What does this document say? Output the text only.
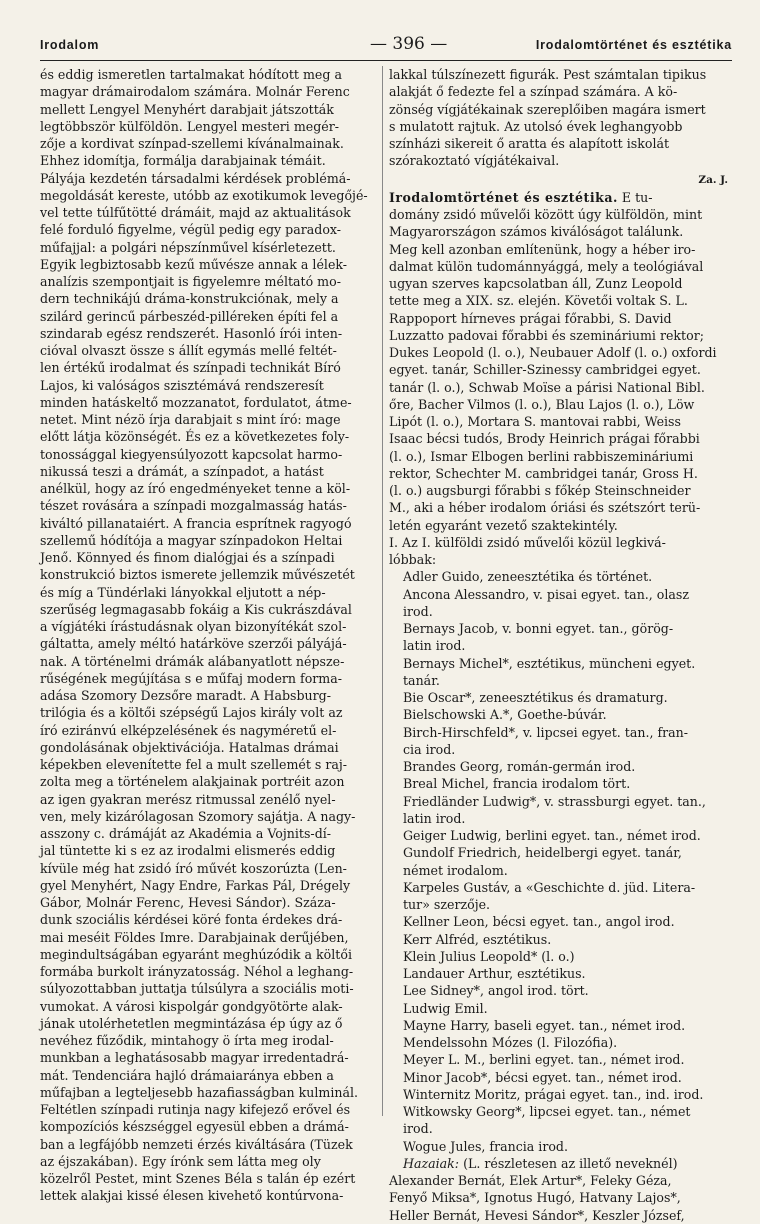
Irodalom	— 396 —	Irodalomtörténet és esztétika

és eddig ismeretlen tartalmakat hódított meg a
magyar drámairodalom számára. Molnár Ferenc
mellett Lengyel Menyhért darabjait játszották
legtöbbször külföldön. Lengyel mesteri megér-
zője a kordivat színpad-szellemi kívánalmainak.
Ehhez idomítja, formálja darabjainak témáit.
Pályája kezdetén társadalmi kérdések problémá-
megoldását kereste, utóbb az exotikumok levegőjé-
vel tette túlfűtötté drámáit, majd az aktualitások
felé forduló figyelme, végül pedig egy paradox-
műfajjal: a polgári népszínművel kísérletezett.
Egyik legbiztosabb kezű művésze annak a lélek-
analízis szempontjait is figyelemre méltató mo-
dern technikájú dráma-konstrukciónak, mely a
szilárd gerincű párbeszéd-pilléreken építi fel a
szindarab egész rendszerét. Hasonló írói inten-
cióval olvaszt össze s állít egymás mellé feltét-
len értékű irodalmat és színpadi technikát Bíró
Lajos, ki valóságos szisztémává rendszeresít
minden hatáskeltő mozzanatot, fordulatot, átme-
netet. Mint nézö írja darabjait s mint író: mage
előtt látja közönségét. És ez a következetes foly-
tonossággal kiegyensúlyozott kapcsolat harmo-
nikussá teszi a drámát, a színpadot, a hatást
anélkül, hogy az író engedményeket tenne a köl-
tészet rovására a színpadi mozgalmasság hatás-
kiváltó pillanataiért. A francia esprítnek ragyogó
szellemű hódítója a magyar színpadokon Heltai
Jenő. Könnyed és finom dialógjai és a színpadi
konstrukció biztos ismerete jellemzik művészetét
és míg a Tündérlaki lányokkal eljutott a nép-
szerűség legmagasabb fokáig a Kis cukrászdával
a vígjátéki írástudásnak olyan bizonyítékát szol-
gáltatta, amely méltó határköve szerzői pályájá-
nak. A történelmi drámák alábanyatlott népsze-
rűségének megújítása s e műfaj modern forma-
adása Szomory Dezsőre maradt. A Habsburg-
trilógia és a költői szépségű Lajos király volt az
író eziránvú elképzelésének és nagyméretű el-
gondolásának objektivációja. Hatalmas drámai
képekben elevenítette fel a mult szellemét s raj-
zolta meg a történelem alakjainak portréit azon
az igen gyakran merész ritmussal zenélő nyel-
ven, mely kizárólagosan Szomory sajátja. A nagy-
asszony c. drámáját az Akadémia a Vojnits-dí-
jal tüntette ki s ez az irodalmi elismerés eddig
kívüle még hat zsidó író művét koszorúzta (Len-
gyel Menyhért, Nagy Endre, Farkas Pál, Drégely
Gábor, Molnár Ferenc, Hevesi Sándor). Száza-
dunk szociális kérdései köré fonta érdekes drá-
mai meséit Földes Imre. Darabjainak derűjében,
megindultságában egyaránt meghúzódik a költői
formába burkolt irányzatosság. Néhol a leghang-
súlyozottabban juttatja túlsúlyra a szociális moti-
vumokat. A városi kispolgár gondgyötörte alak-
jának utolérhetetlen megmintázása ép úgy az ő
nevéhez fűződik, mintahogy ö írta meg irodal-
munkban a leghatásosabb magyar irredentadrá-
mát. Tendenciára hajló drámaiaránya ebben a
műfajban a legteljesebb hazafiasságban kulminál.
Feltétlen színpadi rutinja nagy kifejező erővel és
kompozíciós készséggel egyesül ebben a drámá-
ban a legfájóbb nemzeti érzés kiváltására (Tüzek
az éjszakában). Egy írónk sem látta meg oly
közelről Pestet, mint Szenes Béla s talán ép ezért
lettek alakjai kissé élesen kivehető kontúrvona-

lakkal túlszínezett figurák. Pest számtalan tipikus
alakját ő fedezte fel a színpad számára. A kö-
zönség vígjátékainak szereplőiben magára ismert
s mulatott rajtuk. Az utolsó évek leghangyobb
színházi sikereit ő aratta és alapított iskolát
szórakoztató vígjátékaival.

Za. J.

Irodalomtörténet és esztétika. E tu-
domány zsidó művelői között úgy külföldön, mint
Magyarországon számos kiválóságot találunk.
Meg kell azonban említenünk, hogy a héber iro-
dalmat külön tudománnyággá, mely a teológiával
ugyan szerves kapcsolatban áll, Zunz Leopold
tette meg a XIX. sz. elején. Követői voltak S. L.
Rappoport hírneves prágai főrabbi, S. David
Luzzatto padovai főrabbi és szemináriumi rektor;
Dukes Leopold (l. o.), Neubauer Adolf (l. o.) oxfordi
egyet. tanár, Schiller-Szinessy cambridgei egyet.
tanár (l. o.), Schwab Moïse a párisi National Bibl.
őre, Bacher Vilmos (l. o.), Blau Lajos (l. o.), Löw
Lipót (l. o.), Mortara S. mantovai rabbi, Weiss
Isaac bécsi tudós, Brody Heinrich prágai főrabbi
(l. o.), Ismar Elbogen berlini rabbiszemináriumi
rektor, Schechter M. cambridgei tanár, Gross H.
(l. o.) augsburgi főrabbi s főkép Steinschneider
M., aki a héber irodalom óriási és szétszórt terü-
letén egyaránt vezető szaktekintély.
I. Az I. külföldi zsidó művelői közül legkivá-
lóbbak:

Adler Guido, zeneesztétika és történet.
Ancona Alessandro, v. pisai egyet. tan., olasz
irod.
Bernays Jacob, v. bonni egyet. tan., görög-
latin irod.
Bernays Michel*, esztétikus, müncheni egyet.
tanár.
Bie Oscar*, zeneesztétikus és dramaturg.
Bielschowski A.*, Goethe-búvár.
Birch-Hirschfeld*, v. lipcsei egyet. tan., fran-
cia irod.
Brandes Georg, román-germán irod.
Breal Michel, francia irodalom tört.
Friedländer Ludwig*, v. strassburgi egyet. tan.,
latin irod.
Geiger Ludwig, berlini egyet. tan., német irod.
Gundolf Friedrich, heidelbergi egyet. tanár,
német irodalom.
Karpeles Gustáv, a «Geschichte d. jüd. Litera-
tur» szerzője.
Kellner Leon, bécsi egyet. tan., angol irod.
Kerr Alfréd, esztétikus.
Klein Julius Leopold* (l. o.)
Landauer Arthur, esztétikus.
Lee Sidney*, angol irod. tört.
Ludwig Emil.
Mayne Harry, baseli egyet. tan., német irod.
Mendelssohn Mózes (l. Filozófia).
Meyer L. M., berlini egyet. tan., német irod.
Minor Jacob*, bécsi egyet. tan., német irod.
Winternitz Moritz, prágai egyet. tan., ind. irod.
Witkowsky Georg*, lipcsei egyet. tan., német
irod.
Wogue Jules, francia irod.

Hazaiak: (L. részletesen az illető neveknél)
Alexander Bernát, Elek Artur*, Feleky Géza,
Fenyő Miksa*, Ignotus Hugó, Hatvany Lajos*,
Heller Bernát, Hevesi Sándor*, Keszler József,
